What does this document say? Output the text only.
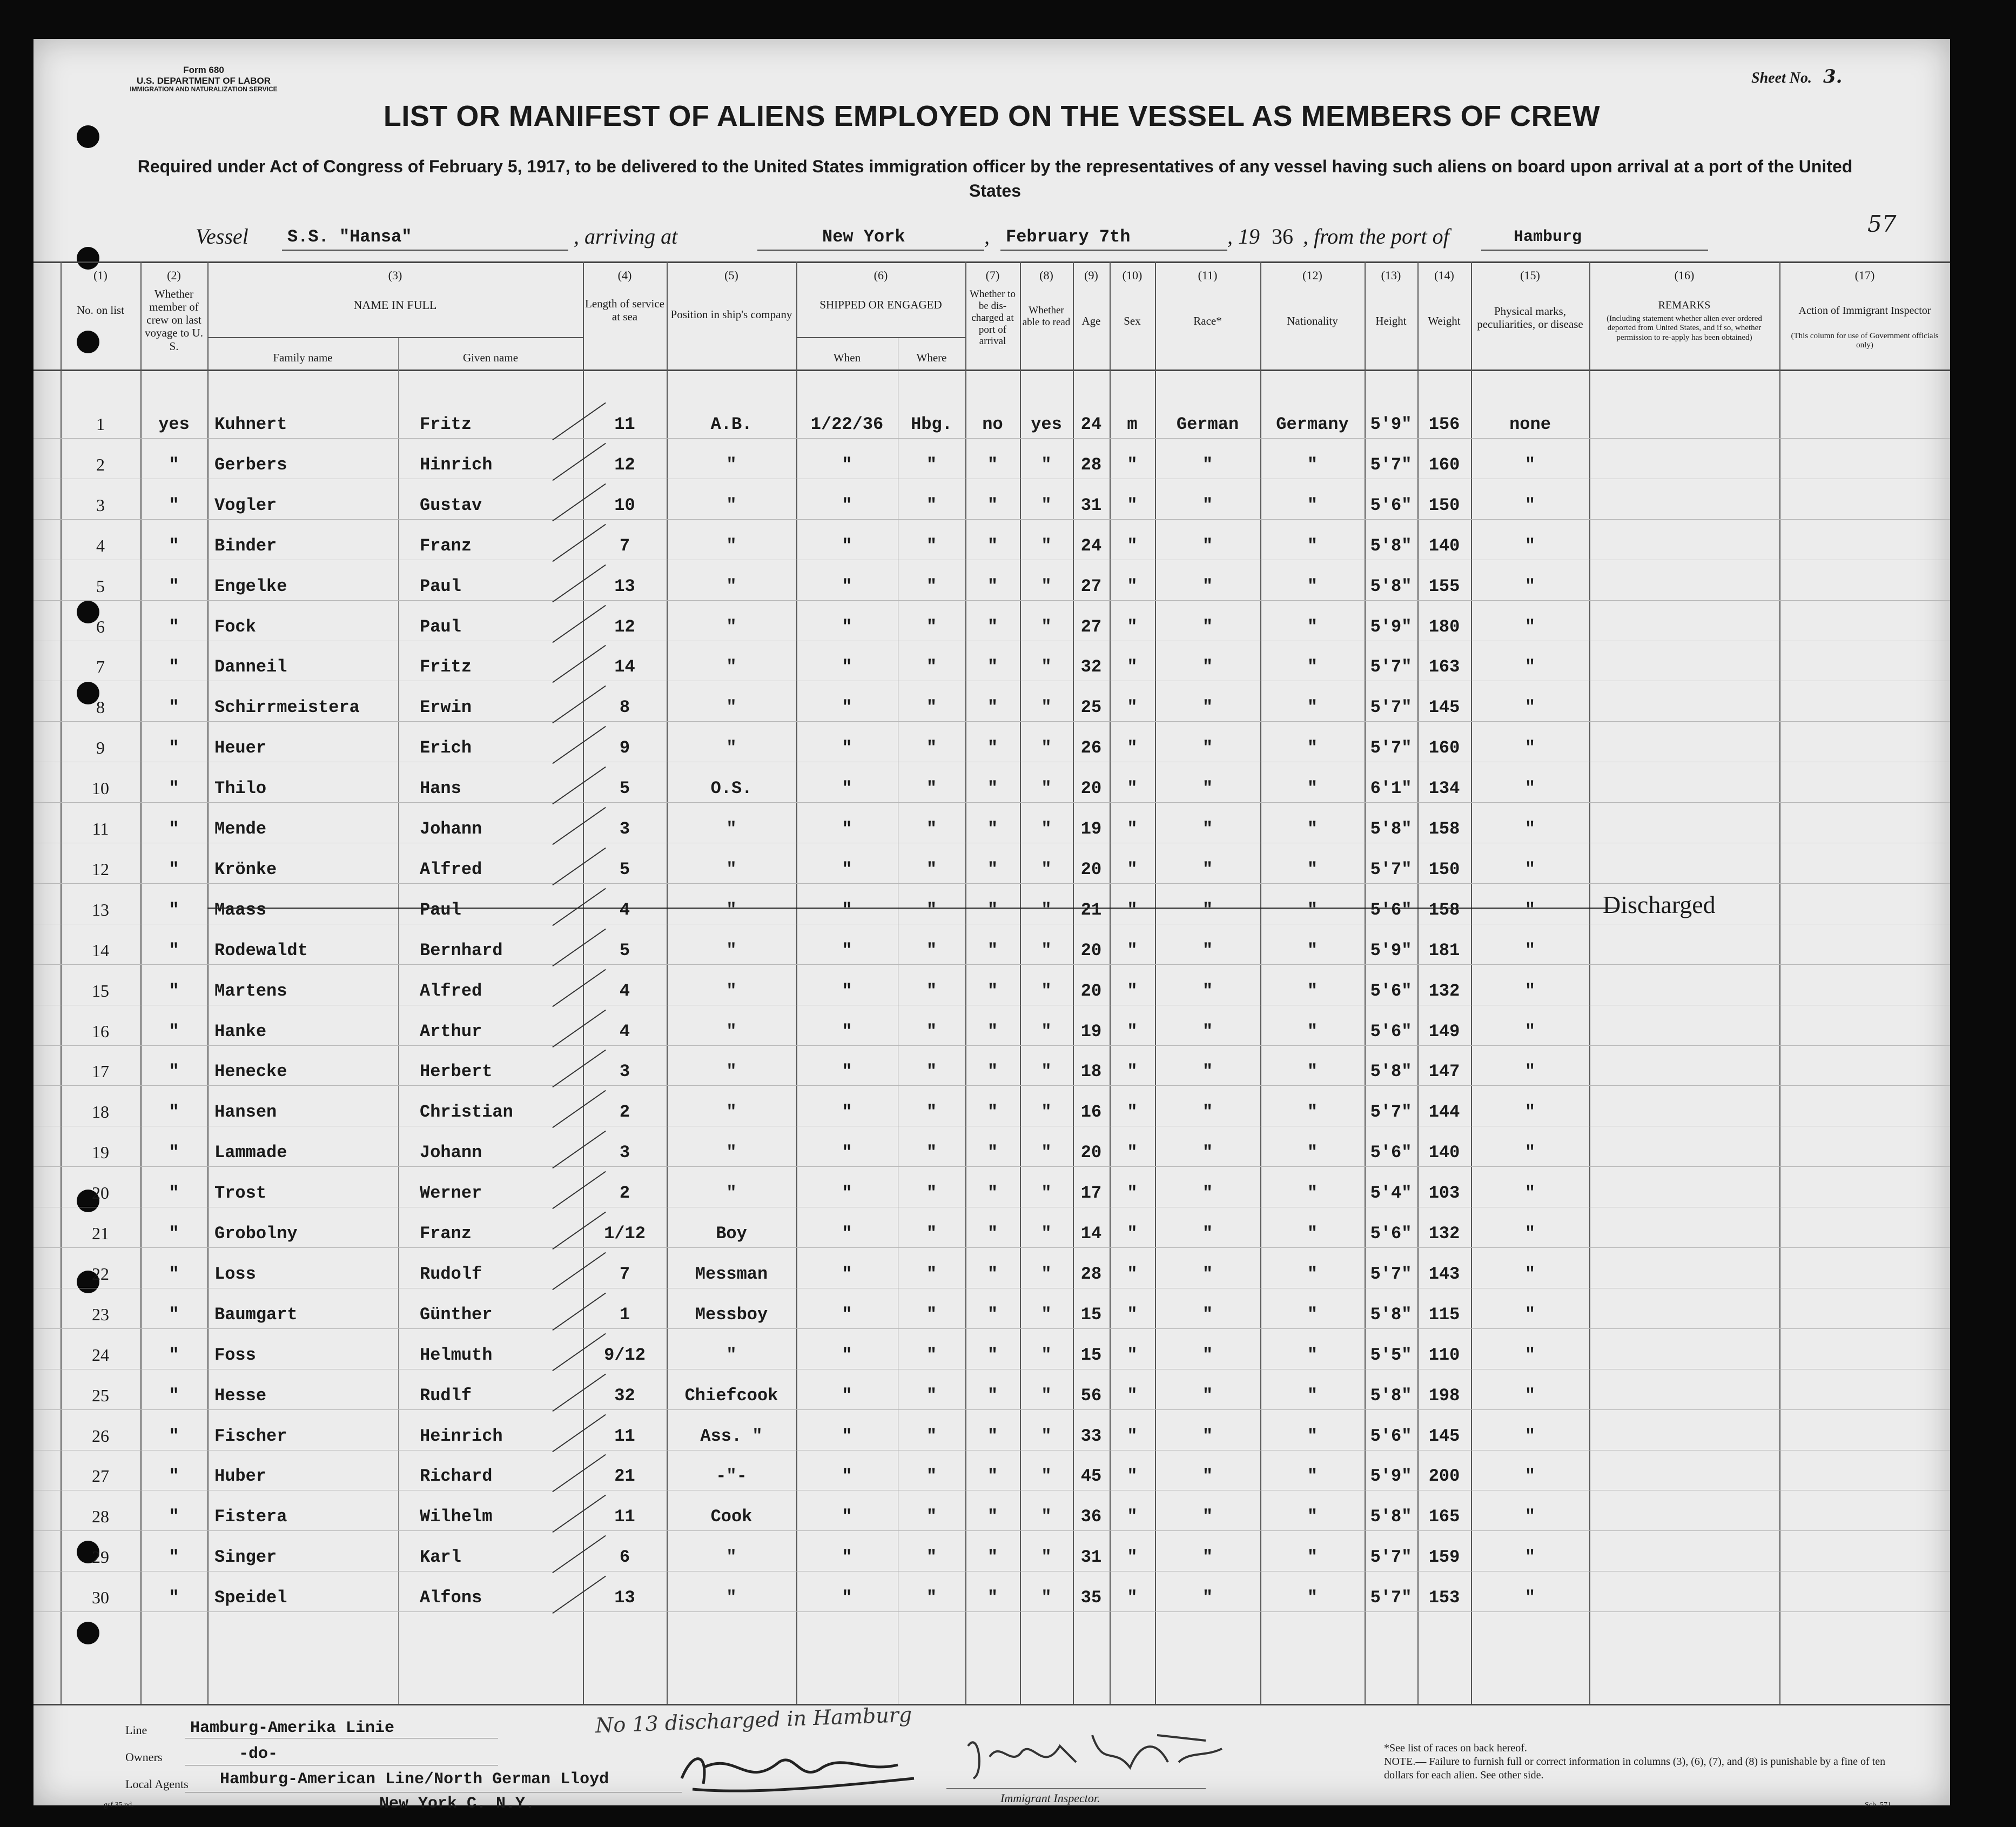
Form 680
U.S. DEPARTMENT OF LABOR
IMMIGRATION AND NATURALIZATION SERVICE
Sheet No. 3.
LIST OR MANIFEST OF ALIENS EMPLOYED ON THE VESSEL AS MEMBERS OF CREW
Required under Act of Congress of February 5, 1917, to be delivered to the United States immigration officer by the representatives of any vessel having such aliens on board upon arrival at a port of the United States
57
Vessel S.S. "Hansa"	, arriving at	New York	, February 7th	, 19 36 , from the port of	Hamburg
(1)	(2)	(3)	(4)	(5)	(6)	(7)	(8)	(9)	(10)	(11)	(12)	(13)	(14)	(15)	(16)	(17)
No. on list
Whether member of crew on last voyage to U. S.
NAME IN FULL
Family name	Given name
Length of service at sea	Position in ship's company
SHIPPED OR ENGAGED
When	Where
Whether to be dis-charged at port of arrival
Whether able to read	Age	Sex	Race*	Nationality	Height	Weight
Physical marks, peculiarities, or disease
REMARKS
(Including statement whether alien ever ordered deported from United States, and if so, whether permission to re-apply has been obtained)
Action of Immigrant Inspector
(This column for use of Government officials only)
1	yes	Kuhnert	Fritz	11	A.B.	1/22/36	Hbg.	no	yes	24	m	German	Germany	5'9" 156	none
2	"	Gerbers	Hinrich	12	"	"	"	"	"	28	"	"	"	5'7" 160	"
3	"	Vogler	Gustav	10	"	"	"	"	"	31	"	"	"	5'6" 150	"
4	"	Binder	Franz	7	"	"	"	"	"	24	"	"	"	5'8" 140	"
5	"	Engelke	Paul	13	"	"	"	"	"	27	"	"	"	5'8" 155	"
6	"	Fock	Paul	12	"	"	"	"	"	27	"	"	"	5'9" 180	"
7	"	Danneil	Fritz	14	"	"	"	"	"	32	"	"	"	5'7" 163	"
8	"	Schirrmeistera	Erwin	8	"	"	"	"	"	25	"	"	"	5'7" 145	"
9	"	Heuer	Erich	9	"	"	"	"	"	26	"	"	"	5'7" 160	"
10	"	Thilo	Hans	5	O.S.	"	"	"	"	20	"	"	"	6'1" 134	"
11	"	Mende	Johann	3	"	"	"	"	"	19	"	"	"	5'8" 158	"
12	"	Krönke	Alfred	5	"	"	"	"	"	20	"	"	"	5'7" 150	"
13	"	Maass	Paul	4	"	"	"	"	"	21	"	"	"	5'6" 158	"	Discharged
14	"	Rodewaldt	Bernhard	5	"	"	"	"	"	20	"	"	"	5'9" 181	"
15	"	Martens	Alfred	4	"	"	"	"	"	20	"	"	"	5'6" 132	"
16	"	Hanke	Arthur	4	"	"	"	"	"	19	"	"	"	5'6" 149	"
17	"	Henecke	Herbert	3	"	"	"	"	"	18	"	"	"	5'8" 147	"
18	"	Hansen	Christian	2	"	"	"	"	"	16	"	"	"	5'7" 144	"
19	"	Lammade	Johann	3	"	"	"	"	"	20	"	"	"	5'6" 140	"
20	"	Trost	Werner	2	"	"	"	"	"	17	"	"	"	5'4" 103	"
21	"	Grobolny	Franz	1/12	Boy	"	"	"	"	14	"	"	"	5'6" 132	"
22	"	Loss	Rudolf	7	Messman	"	"	"	"	28	"	"	"	5'7" 143	"
23	"	Baumgart	Günther	1	Messboy	"	"	"	"	15	"	"	"	5'8" 115	"
24	"	Foss	Helmuth	9/12	"	"	"	"	"	15	"	"	"	5'5" 110	"
25	"	Hesse	Rudlf	32	Chiefcook	"	"	"	"	56	"	"	"	5'8" 198	"
26	"	Fischer	Heinrich	11	Ass. "	"	"	"	"	33	"	"	"	5'6" 145	"
27	"	Huber	Richard	21	-"-	"	"	"	"	45	"	"	"	5'9" 200	"
28	"	Fistera	Wilhelm	11	Cook	"	"	"	"	36	"	"	"	5'8" 165	"
29	"	Singer	Karl	6	"	"	"	"	"	31	"	"	"	5'7" 159	"
30	"	Speidel	Alfons	13	"	"	"	"	"	35	"	"	"	5'7" 153	"
Line	Hamburg-Amerika Linie	No 13 discharged in Hamburg
Owners	-do-
Local Agents Hamburg-American Line/North German Lloyd
New York C. N.Y.	Immigrant Inspector.
*See list of races on back hereof.
NOTE.— Failure to furnish full or correct information in columns (3), (6), (7), and (8) is punishable by a fine of ten dollars for each alien. See other side.
gsf 35 nd.	Sch. 571
